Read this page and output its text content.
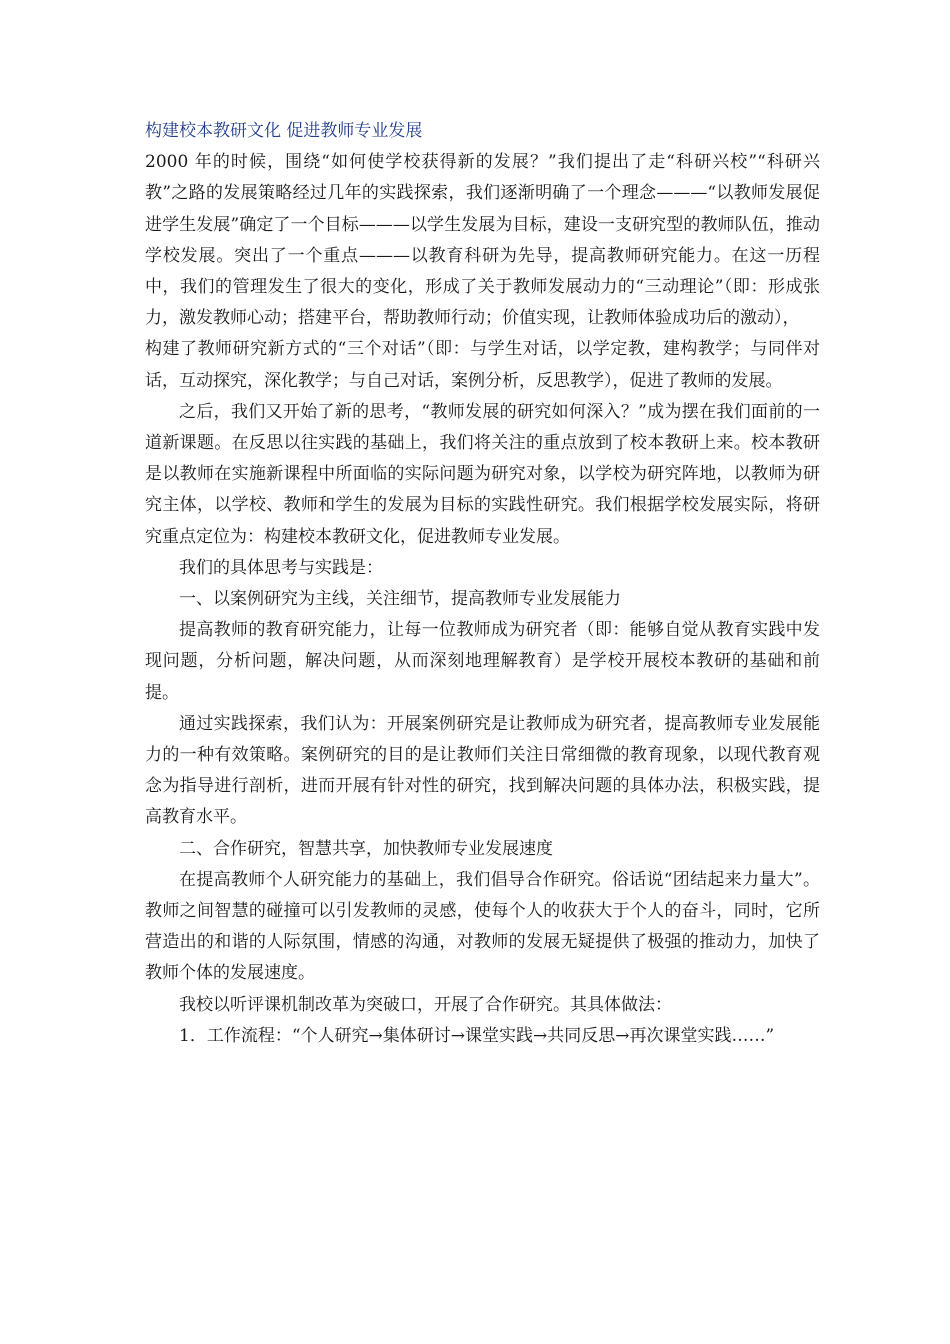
构建校本教研文化 促进教师专业发展

2000 年的时候，围绕“如何使学校获得新的发展？”我们提出了走“科研兴校”“科研兴教”之路的发展策略经过几年的实践探索，我们逐渐明确了一个理念———“以教师发展促进学生发展”确定了一个目标———以学生发展为目标，建设一支研究型的教师队伍，推动学校发展。突出了一个重点———以教育科研为先导，提高教师研究能力。在这一历程中，我们的管理发生了很大的变化，形成了关于教师发展动力的“三动理论”（即：形成张力，激发教师心动；搭建平台，帮助教师行动；价值实现，让教师体验成功后的激动），

构建了教师研究新方式的“三个对话”（即：与学生对话，以学定教，建构教学；与同伴对话，互动探究，深化教学；与自己对话，案例分析，反思教学），促进了教师的发展。

之后，我们又开始了新的思考，“教师发展的研究如何深入？”成为摆在我们面前的一道新课题。在反思以往实践的基础上，我们将关注的重点放到了校本教研上来。校本教研是以教师在实施新课程中所面临的实际问题为研究对象，以学校为研究阵地，以教师为研究主体，以学校、教师和学生的发展为目标的实践性研究。我们根据学校发展实际，将研究重点定位为：构建校本教研文化，促进教师专业发展。

我们的具体思考与实践是：

一、以案例研究为主线，关注细节，提高教师专业发展能力

提高教师的教育研究能力，让每一位教师成为研究者（即：能够自觉从教育实践中发现问题，分析问题，解决问题，从而深刻地理解教育）是学校开展校本教研的基础和前提。

通过实践探索，我们认为：开展案例研究是让教师成为研究者，提高教师专业发展能力的一种有效策略。案例研究的目的是让教师们关注日常细微的教育现象，以现代教育观念为指导进行剖析，进而开展有针对性的研究，找到解决问题的具体办法，积极实践，提高教育水平。

二、合作研究，智慧共享，加快教师专业发展速度

在提高教师个人研究能力的基础上，我们倡导合作研究。俗话说“团结起来力量大”。教师之间智慧的碰撞可以引发教师的灵感，使每个人的收获大于个人的奋斗，同时，它所营造出的和谐的人际氛围，情感的沟通，对教师的发展无疑提供了极强的推动力，加快了教师个体的发展速度。

我校以听评课机制改革为突破口，开展了合作研究。其具体做法：

1．工作流程：“个人研究→集体研讨→课堂实践→共同反思→再次课堂实践……”
